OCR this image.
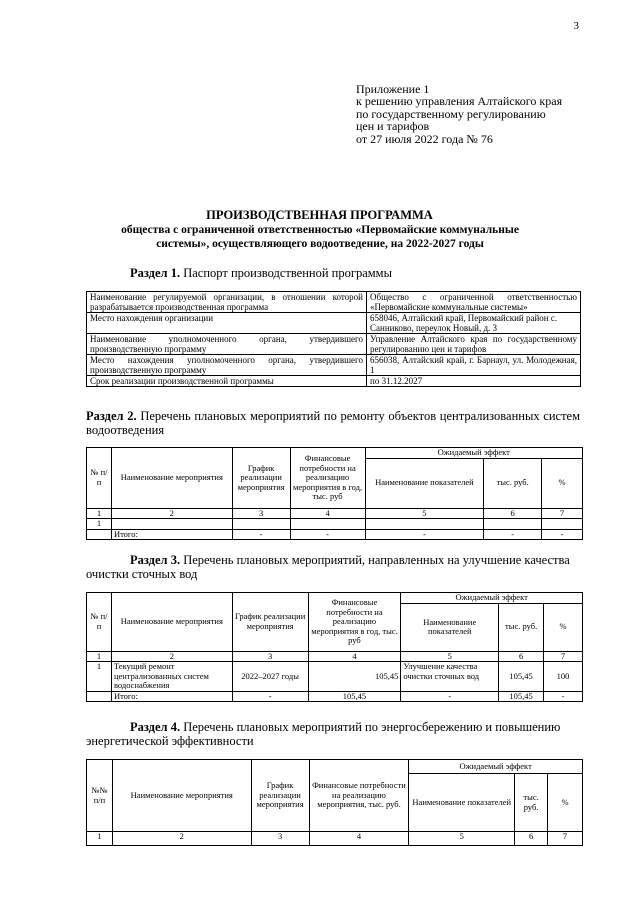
3
Приложение 1
к решению управления Алтайского края
по государственному регулированию
цен и тарифов
от 27 июля 2022 года № 76
ПРОИЗВОДСТВЕННАЯ ПРОГРАММА
общества с ограниченной ответственностью «Первомайские коммунальные системы», осуществляющего водоотведение, на 2022-2027 годы
Раздел 1. Паспорт производственной программы
Наименование регулируемой организации, в отношении которой разрабатывается производственная программа	Общество с ограниченной ответственностью «Первомайские коммунальные системы»
Место нахождения организации	658046, Алтайский край, Первомайский район с. Санниково, переулок Новый, д. 3
Наименование уполномоченного органа, утвердившего производственную программу	Управление Алтайского края по государственному регулированию цен и тарифов
Место нахождения уполномоченного органа, утвердившего производственную программу	656038, Алтайский край, г. Барнаул, ул. Молодежная, 1
Срок реализации производственной программы	по 31.12.2027
Раздел 2. Перечень плановых мероприятий по ремонту объектов централизованных систем водоотведения
№ п/п	Наименование мероприятия	График реализации мероприятия	Финансовые потребности на реализацию мероприятия в год, тыс. руб	Ожидаемый эффект		
				Наименование показателей	тыс. руб.	%
1	2	3	4	5	6	7
1						
	Итого:	-	-	-	-	-
Раздел 3. Перечень плановых мероприятий, направленных на улучшение качества очистки сточных вод
№ п/п	Наименование мероприятия	График реализации мероприятия	Финансовые потребности на реализацию мероприятия в год, тыс. руб	Ожидаемый эффект		
				Наименование показателей	тыс. руб.	%
1	2	3	4	5	6	7
1	Текущий ремонт централизованных систем водоснабжения	2022–2027 годы	105,45	Улучшение качества очистки сточных вод	105,45	100
	Итого:	-	105,45	-	105,45	-
Раздел 4. Перечень плановых мероприятий по энергосбережению и повышению энергетической эффективности
№№ п/п	Наименование мероприятия	График реализации мероприятия	Финансовые потребности на реализацию мероприятия, тыс. руб.	Ожидаемый эффект		
				Наименование показателей	тыс. руб.	%
1	2	3	4	5	6	7
